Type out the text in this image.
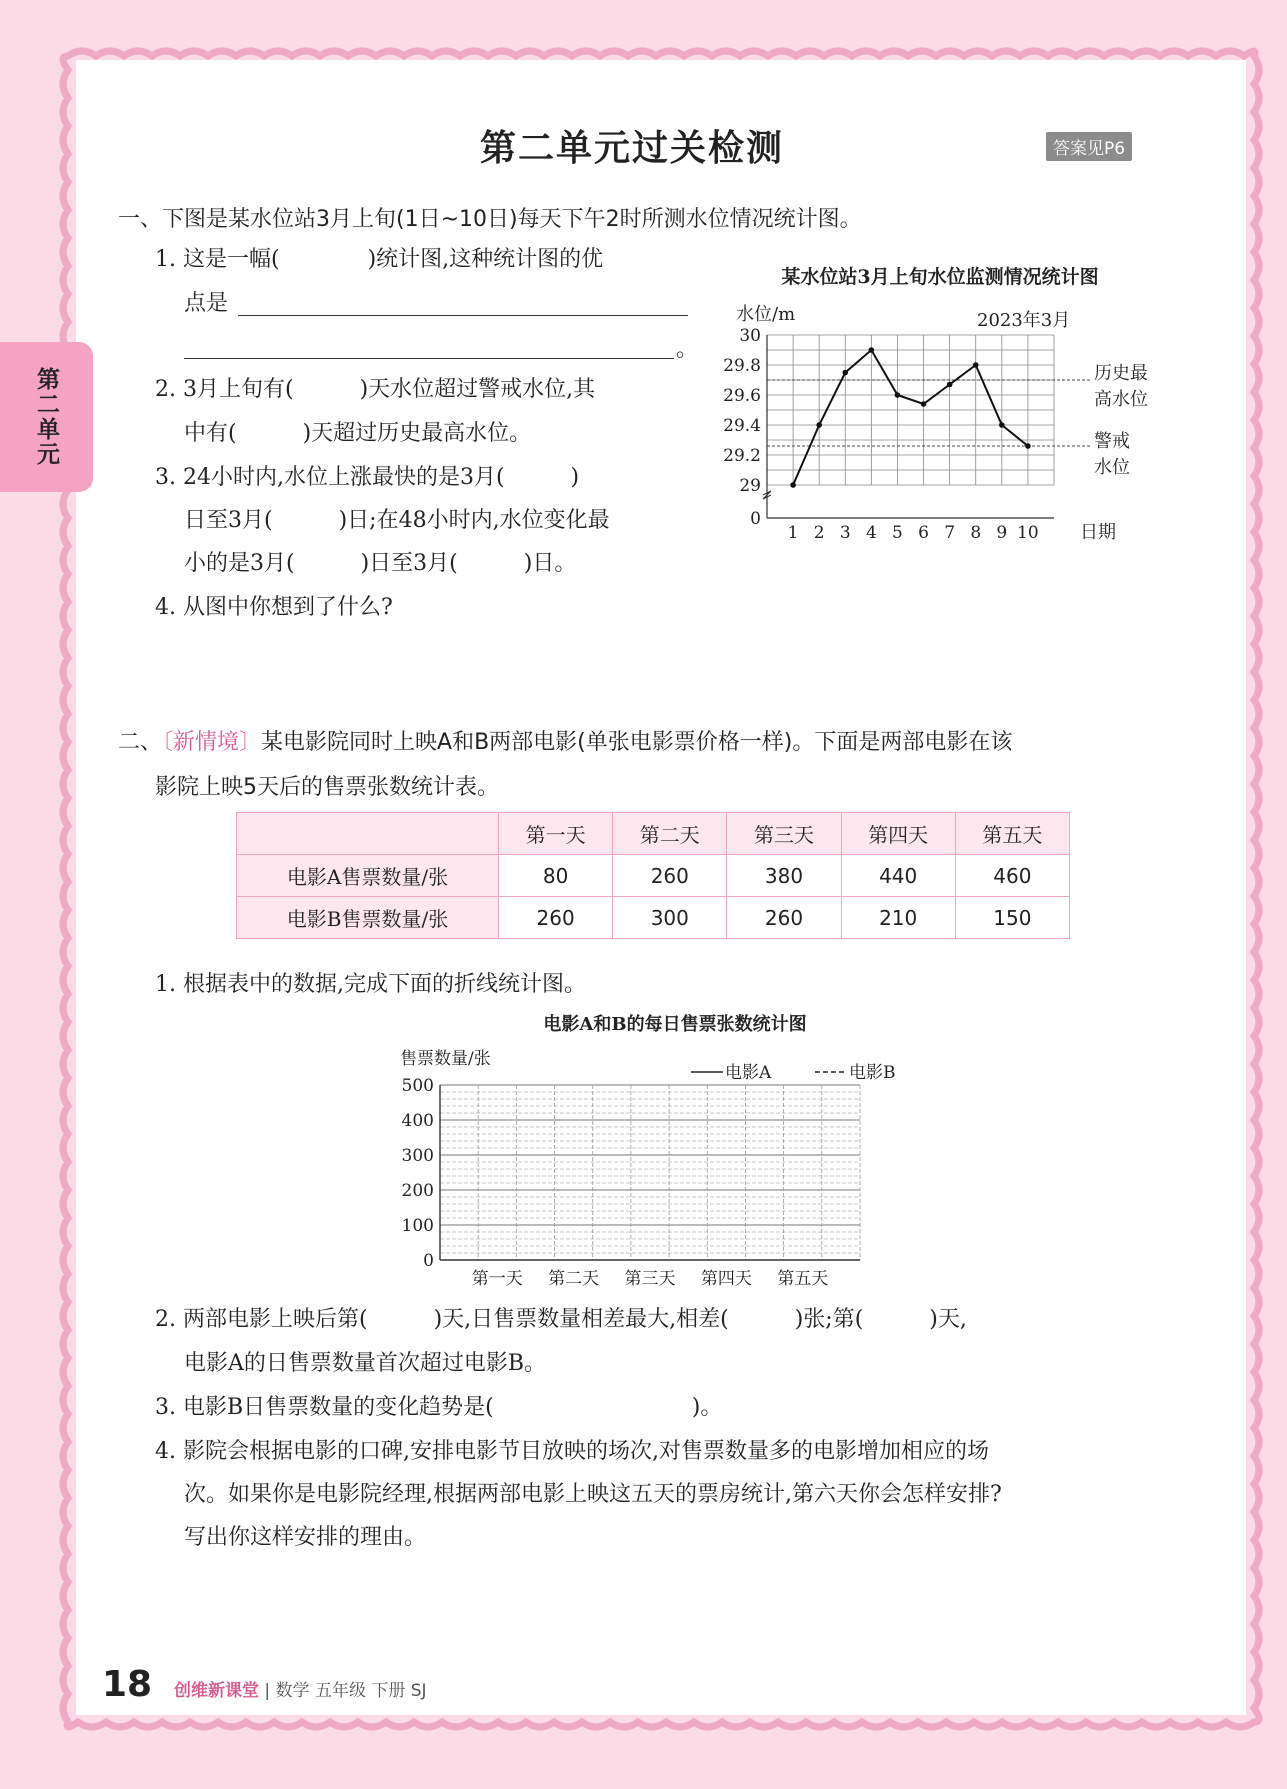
第二单元
第二单元过关检测	答案见P6
一、下图是某水位站3月上旬(1日~10日)每天下午2时所测水位情况统计图。
1. 这是一幅(　　　　)统计图,这种统计图的优
点是
。
2. 3月上旬有(　　　)天水位超过警戒水位,其
中有(　　　)天超过历史最高水位。
3. 24小时内,水位上涨最快的是3月(　　　)
日至3月(　　　)日;在48小时内,水位变化最
小的是3月(　　　)日至3月(　　　)日。
4. 从图中你想到了什么?
某水位站3月上旬水位监测情况统计图
水位/m	2023年3月
日期
历史最
高水位
警戒
水位
30
29.8
29.6
29.4
29.2
29
0
1 2 3 4 5 6 7 8 9 10
二、〔新情境〕某电影院同时上映A和B两部电影(单张电影票价格一样)。下面是两部电影在该
影院上映5天后的售票张数统计表。
	第一天	第二天	第三天	第四天	第五天
电影A售票数量/张	80	260	380	440	460
电影B售票数量/张	260	300	260	210	150
1. 根据表中的数据,完成下面的折线统计图。
电影A和B的每日售票张数统计图
售票数量/张
电影A	电影B
500
400
300
200
100
0
第一天 第二天 第三天 第四天 第五天
2. 两部电影上映后第(　　　)天,日售票数量相差最大,相差(　　　)张;第(　　　)天,
电影A的日售票数量首次超过电影B。
3. 电影B日售票数量的变化趋势是(　　　　　　　　　)。
4. 影院会根据电影的口碑,安排电影节目放映的场次,对售票数量多的电影增加相应的场
次。如果你是电影院经理,根据两部电影上映这五天的票房统计,第六天你会怎样安排?
写出你这样安排的理由。
18 创维新课堂 | 数学 五年级 下册 SJ
